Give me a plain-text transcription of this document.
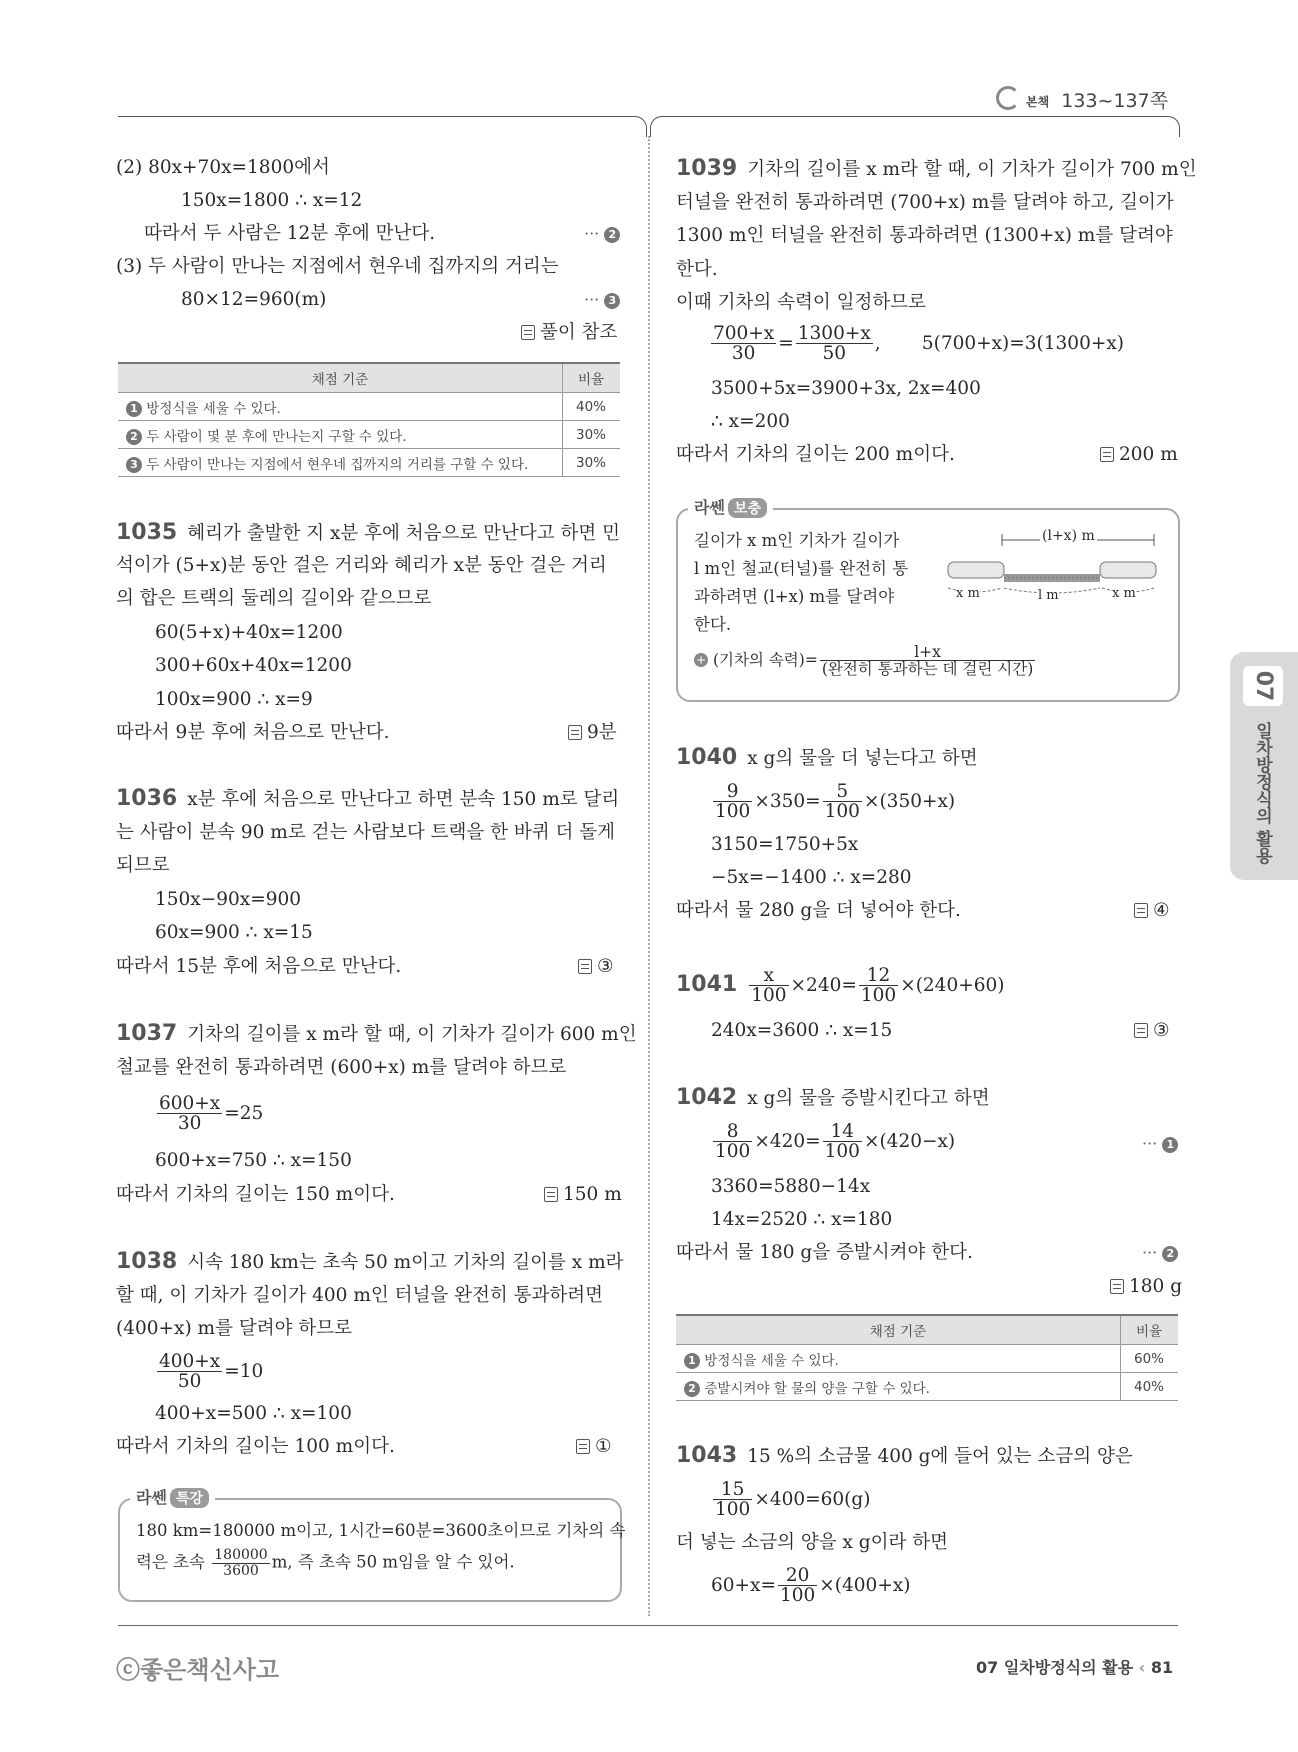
본책 133~137쪽
07
일차방정식의 활용
(2) 80x+70x=1800에서
150x=1800 ∴ x=12
따라서 두 사람은 12분 후에 만난다.	··· 2
(3) 두 사람이 만나는 지점에서 현우네 집까지의 거리는
80×12=960(m)	··· 3
풀이 참조
채점 기준	비율
1 방정식을 세울 수 있다.	40%
2 두 사람이 몇 분 후에 만나는지 구할 수 있다.	30%
3 두 사람이 만나는 지점에서 현우네 집까지의 거리를 구할 수 있다.	30%
1035 혜리가 출발한 지 x분 후에 처음으로 만난다고 하면 민
석이가 (5+x)분 동안 걸은 거리와 혜리가 x분 동안 걸은 거리
의 합은 트랙의 둘레의 길이와 같으므로
60(5+x)+40x=1200
300+60x+40x=1200
100x=900 ∴ x=9
따라서 9분 후에 처음으로 만난다.	9분
1036 x분 후에 처음으로 만난다고 하면 분속 150 m로 달리
는 사람이 분속 90 m로 걷는 사람보다 트랙을 한 바퀴 더 돌게
되므로
150x−90x=900
60x=900 ∴ x=15
따라서 15분 후에 처음으로 만난다.	③
1037 기차의 길이를 x m라 할 때, 이 기차가 길이가 600 m인
철교를 완전히 통과하려면 (600+x) m를 달려야 하므로
$\frac{600+x}{30} =25$
600+x=750 ∴ x=150
따라서 기차의 길이는 150 m이다.	150 m
1038 시속 180 km는 초속 50 m이고 기차의 길이를 x m라
할 때, 이 기차가 길이가 400 m인 터널을 완전히 통과하려면
(400+x) m를 달려야 하므로
$\frac{400+x}{50} =10$
400+x=500 ∴ x=100
따라서 기차의 길이는 100 m이다.	①
라쎈 특강
180 km=180000 m이고, 1시간=60분=3600초이므로 기차의 속
력은 초속 $\frac{180000}{3600} m$, 즉 초속 50 m임을 알 수 있어.
1039 기차의 길이를 x m라 할 때, 이 기차가 길이가 700 m인
터널을 완전히 통과하려면 (700+x) m를 달려야 하고, 길이가
1300 m인 터널을 완전히 통과하려면 (1300+x) m를 달려야
한다.
이때 기차의 속력이 일정하므로
$\frac{700+x}{30} = \frac{1300+x}{50}$ ,       5(700+x)=3(1300+x)
3500+5x=3900+3x, 2x=400
∴ x=200
따라서 기차의 길이는 200 m이다.	200 m
라쎈 보충
길이가 x m인 기차가 길이가
l m인 철교(터널)를 완전히 통
과하려면 (l+x) m를 달려야
한다.
(l+x) m
x m	l m	x m
+ (기차의 속력)= $\frac{l+x}{\text{(완전히 통과하는 데 걸린 시간)}}$
1040 x g의 물을 더 넣는다고 하면
$\frac{9}{100} \times 350= \frac{5}{100} \times(350+x)$
3150=1750+5x
−5x=−1400 ∴ x=280
따라서 물 280 g을 더 넣어야 한다.	④
$1041 \frac{x}{100} \times 240= \frac{12}{100} \times(240+60)$
240x=3600 ∴ x=15	③
1042 x g의 물을 증발시킨다고 하면
$\frac{8}{100} \times 420= \frac{14}{100} \times(420-x)$	··· 1
3360=5880−14x
14x=2520 ∴ x=180
따라서 물 180 g을 증발시켜야 한다.	··· 2
180 g
채점 기준	비율
1 방정식을 세울 수 있다.	60%
2 증발시켜야 할 물의 양을 구할 수 있다.	40%
1043 15 %의 소금물 400 g에 들어 있는 소금의 양은
$\frac{15}{100} \times 400=60(g)$
더 넣는 소금의 양을 x g이라 하면
$60+x= \frac{20}{100} \times(400+x)$
ⓒ좋은책신사고	07 일차방정식의 활용 ‹ 81
